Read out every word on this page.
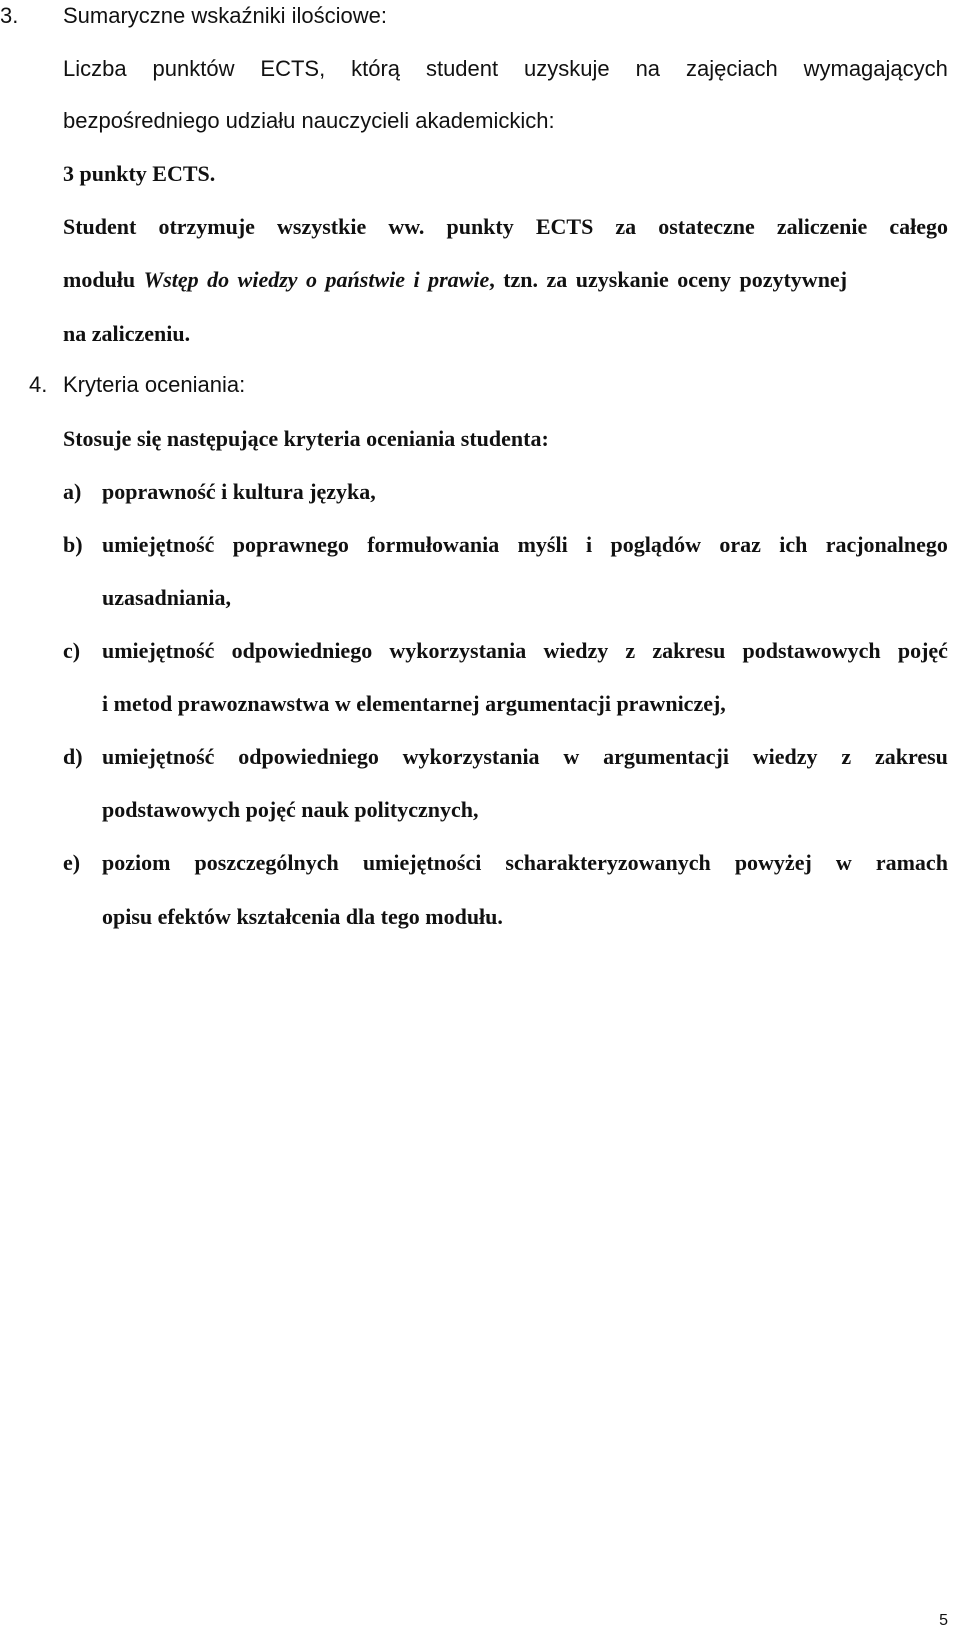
3. Sumaryczne wskaźniki ilościowe:
Liczba punktów ECTS, którą student uzyskuje na zajęciach wymagających
bezpośredniego udziału nauczycieli akademickich:
3 punkty ECTS.
Student otrzymuje wszystkie ww. punkty ECTS za ostateczne zaliczenie całego
modułu Wstęp do wiedzy o państwie i prawie, tzn. za uzyskanie oceny pozytywnej
na zaliczeniu.
4. Kryteria oceniania:
Stosuje się następujące kryteria oceniania studenta:
a) poprawność i kultura języka,
b) umiejętność poprawnego formułowania myśli i poglądów oraz ich racjonalnego
uzasadniania,
c) umiejętność odpowiedniego wykorzystania wiedzy z zakresu podstawowych pojęć
i metod prawoznawstwa w elementarnej argumentacji prawniczej,
d) umiejętność odpowiedniego wykorzystania w argumentacji wiedzy z zakresu
podstawowych pojęć nauk politycznych,
e) poziom poszczególnych umiejętności scharakteryzowanych powyżej w ramach
opisu efektów kształcenia dla tego modułu.
5
